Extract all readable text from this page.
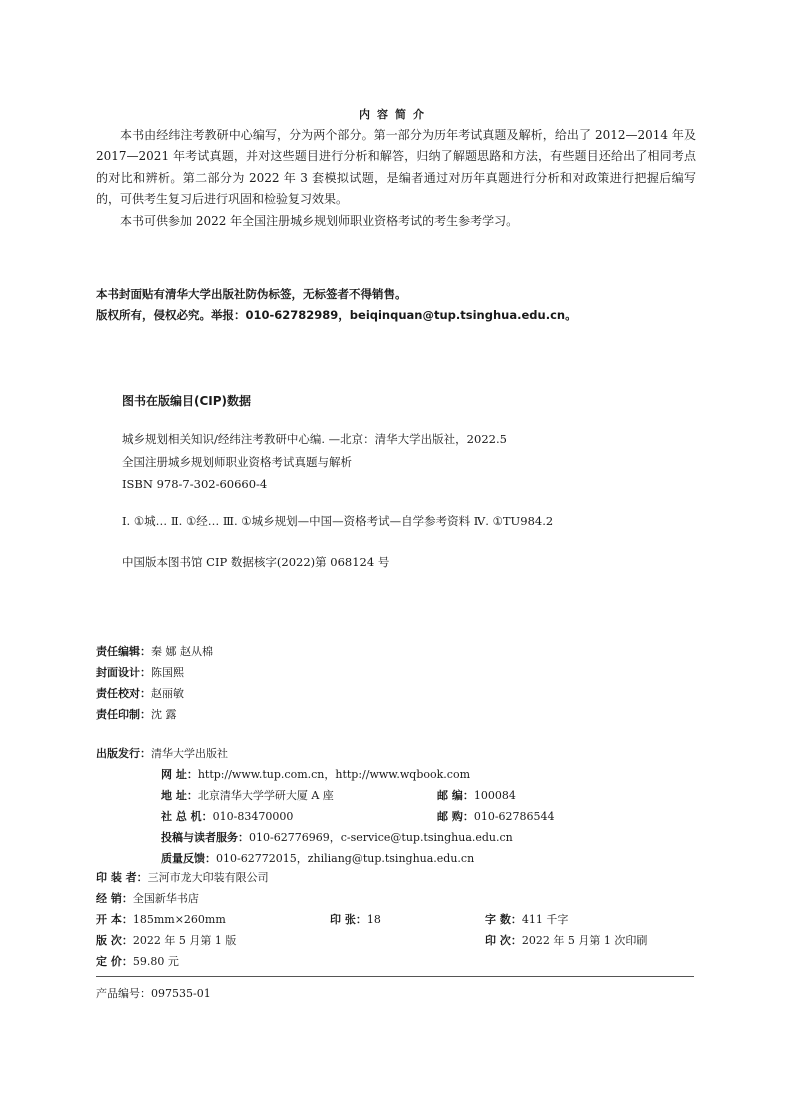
内容简介

本书由经纬注考教研中心编写，分为两个部分。第一部分为历年考试真题及解析，给出了 2012—2014 年及 2017—2021 年考试真题，并对这些题目进行分析和解答，归纳了解题思路和方法，有些题目还给出了相同考点的对比和辨析。第二部分为 2022 年 3 套模拟试题，是编者通过对历年真题进行分析和对政策进行把握后编写的，可供考生复习后进行巩固和检验复习效果。

本书可供参加 2022 年全国注册城乡规划师职业资格考试的考生参考学习。

本书封面贴有清华大学出版社防伪标签，无标签者不得销售。
版权所有，侵权必究。举报：010-62782989，beiqinquan@tup.tsinghua.edu.cn。
图书在版编目(CIP)数据
城乡规划相关知识/经纬注考教研中心编. —北京：清华大学出版社，2022.5
全国注册城乡规划师职业资格考试真题与解析
ISBN 978-7-302-60660-4
Ⅰ. ①城… Ⅱ. ①经… Ⅲ. ①城乡规划—中国—资格考试—自学参考资料 Ⅳ. ①TU984.2
中国版本图书馆 CIP 数据核字(2022)第 068124 号
责任编辑：秦 娜 赵从棉
封面设计：陈国熙
责任校对：赵丽敏
责任印制：沈 露
出版发行：清华大学出版社
网 址：http://www.tup.com.cn，http://www.wqbook.com
地 址：北京清华大学学研大厦 A 座	邮 编：100084
社 总 机：010-83470000	邮 购：010-62786544
投稿与读者服务：010-62776969，c-service@tup.tsinghua.edu.cn
质量反馈：010-62772015，zhiliang@tup.tsinghua.edu.cn
印 装 者：三河市龙大印装有限公司
经 销：全国新华书店
开 本：185mm×260mm	印 张：18	字 数：411 千字
版 次：2022 年 5 月第 1 版	印 次：2022 年 5 月第 1 次印刷
定 价：59.80 元
产品编号：097535-01
